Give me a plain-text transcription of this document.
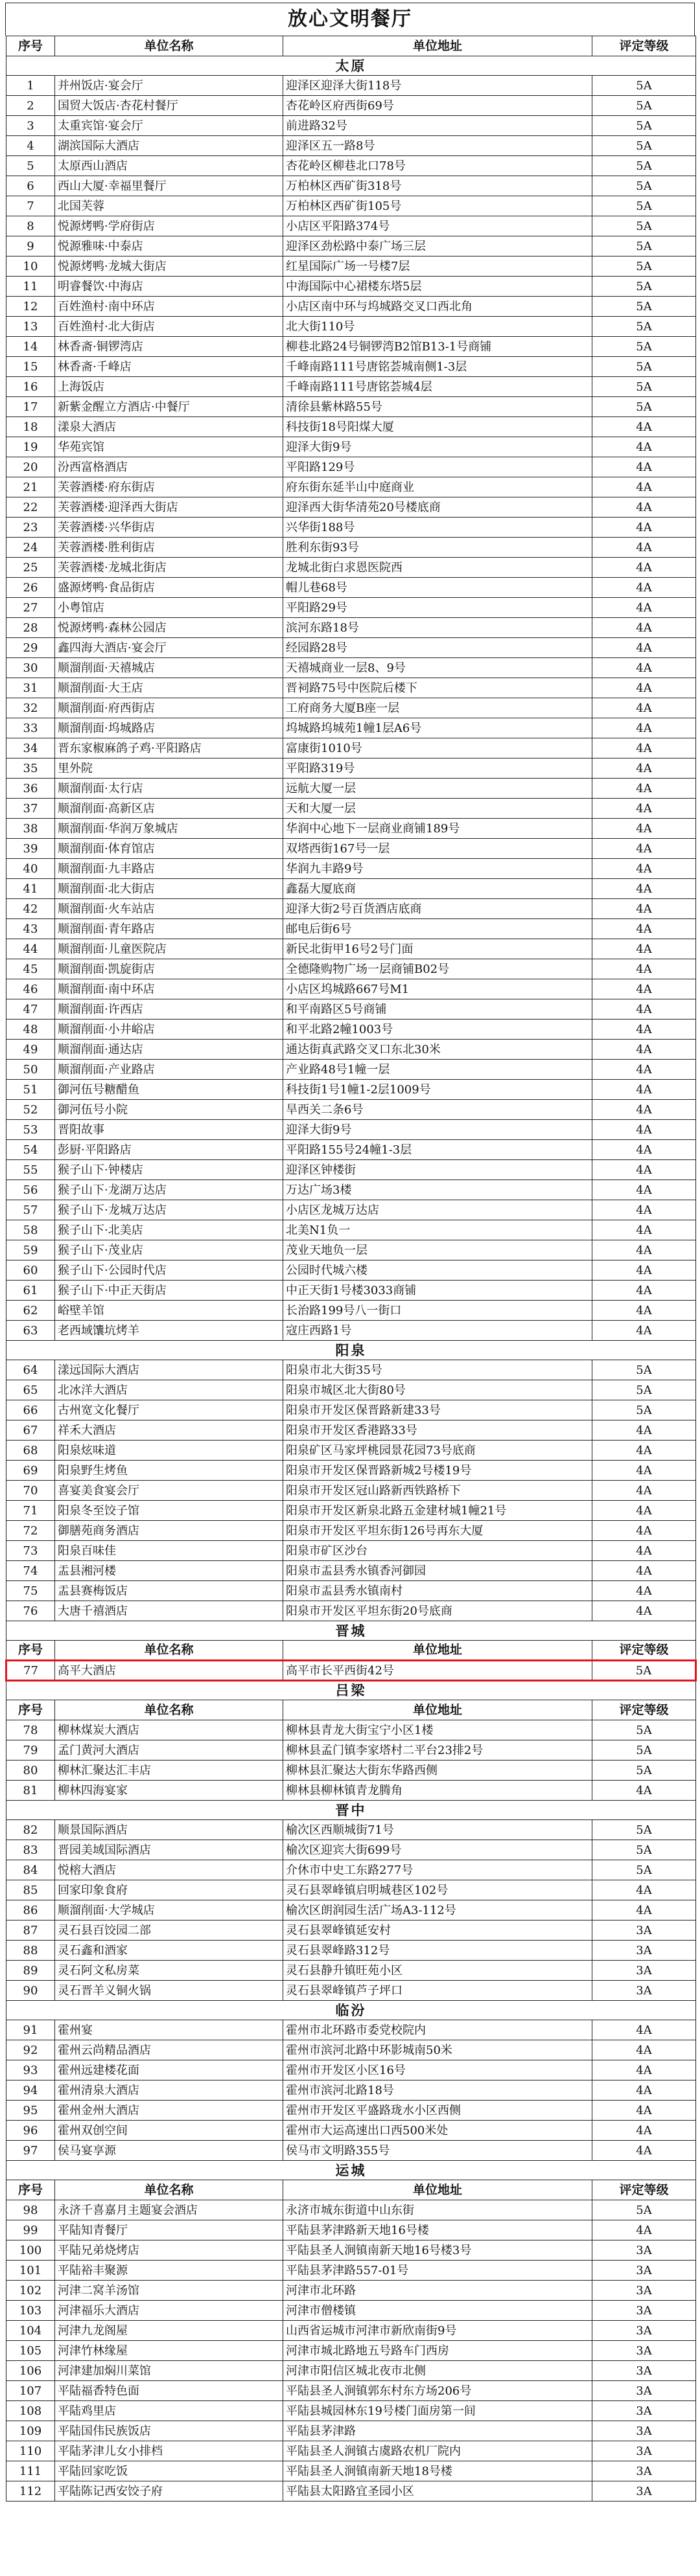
放心文明餐厅
序号	单位名称	单位地址	评定等级
太原			
1	并州饭店·宴会厅	迎泽区迎泽大街118号	5A
2	国贸大饭店·杏花村餐厅	杏花岭区府西街69号	5A
3	太重宾馆·宴会厅	前进路32号	5A
4	湖滨国际大酒店	迎泽区五一路8号	5A
5	太原西山酒店	杏花岭区柳巷北口78号	5A
6	西山大厦·幸福里餐厅	万柏林区西矿街318号	5A
7	北国芙蓉	万柏林区西矿街105号	5A
8	悦源烤鸭·学府街店	小店区平阳路374号	5A
9	悦源雅味·中泰店	迎泽区劲松路中泰广场三层	5A
10	悦源烤鸭·龙城大街店	红星国际广场一号楼7层	5A
11	明睿餐饮·中海店	中海国际中心裙楼东塔5层	5A
12	百姓渔村·南中环店	小店区南中环与坞城路交叉口西北角	5A
13	百姓渔村·北大街店	北大街110号	5A
14	林香斋·铜锣湾店	柳巷北路24号铜锣湾B2馆B13-1号商铺	5A
15	林香斋·千峰店	千峰南路111号唐铭荟城南侧1-3层	5A
16	上海饭店	千峰南路111号唐铭荟城4层	5A
17	新紫金醒立方酒店·中餐厅	清徐县紫林路55号	5A
18	漾泉大酒店	科技街18号阳煤大厦	4A
19	华苑宾馆	迎泽大街9号	4A
20	汾西富格酒店	平阳路129号	4A
21	芙蓉酒楼·府东街店	府东街东延半山中庭商业	4A
22	芙蓉酒楼·迎泽西大街店	迎泽西大街华清苑20号楼底商	4A
23	芙蓉酒楼·兴华街店	兴华街188号	4A
24	芙蓉酒楼·胜利街店	胜利东街93号	4A
25	芙蓉酒楼·龙城北街店	龙城北街白求恩医院西	4A
26	盛源烤鸭·食品街店	帽儿巷68号	4A
27	小粤馆店	平阳路29号	4A
28	悦源烤鸭·森林公园店	滨河东路18号	4A
29	鑫四海大酒店·宴会厅	经园路28号	4A
30	顺溜削面·天禧城店	天禧城商业一层8、9号	4A
31	顺溜削面·大王店	晋祠路75号中医院后楼下	4A
32	顺溜削面·府西街店	工府商务大厦B座一层	4A
33	顺溜削面·坞城路店	坞城路坞城苑1幢1层A6号	4A
34	晋东家椒麻鸽子鸡·平阳路店	富康街1010号	4A
35	里外院	平阳路319号	4A
36	顺溜削面·太行店	远航大厦一层	4A
37	顺溜削面·高新区店	天和大厦一层	4A
38	顺溜削面·华润万象城店	华润中心地下一层商业商铺189号	4A
39	顺溜削面·体育馆店	双塔西街167号一层	4A
40	顺溜削面·九丰路店	华润九丰路9号	4A
41	顺溜削面·北大街店	鑫磊大厦底商	4A
42	顺溜削面·火车站店	迎泽大街2号百货酒店底商	4A
43	顺溜削面·青年路店	邮电后街6号	4A
44	顺溜削面·儿童医院店	新民北街甲16号2号门面	4A
45	顺溜削面·凯旋街店	全德隆购物广场一层商铺B02号	4A
46	顺溜削面·南中环店	小店区坞城路667号M1	4A
47	顺溜削面·许西店	和平南路区5号商铺	4A
48	顺溜削面·小井峪店	和平北路2幢1003号	4A
49	顺溜削面·通达店	通达街真武路交叉口东北30米	4A
50	顺溜削面·产业路店	产业路48号1幢一层	4A
51	御河伍号糖醋鱼	科技街1号1幢1-2层1009号	4A
52	御河伍号小院	旱西关二条6号	4A
53	晋阳故事	迎泽大街9号	4A
54	彭厨·平阳路店	平阳路155号24幢1-3层	4A
55	猴子山下·钟楼店	迎泽区钟楼街	4A
56	猴子山下·龙湖万达店	万达广场3楼	4A
57	猴子山下·龙城万达店	小店区龙城万达店	4A
58	猴子山下·北美店	北美N1负一	4A
59	猴子山下·茂业店	茂业天地负一层	4A
60	猴子山下·公园时代店	公园时代城六楼	4A
61	猴子山下·中正天街店	中正天街1号楼3033商铺	4A
62	峪壁羊馆	长治路199号八一街口	4A
63	老西域馕坑烤羊	寇庄西路1号	4A
阳泉			
64	漾远国际大酒店	阳泉市北大街35号	5A
65	北冰洋大酒店	阳泉市城区北大街80号	5A
66	古州宽文化餐厅	阳泉市开发区保晋路新建33号	5A
67	祥禾大酒店	阳泉市开发区香港路33号	4A
68	阳泉炫味道	阳泉矿区马家坪桃园景花园73号底商	4A
69	阳泉野生烤鱼	阳泉市开发区保晋路新城2号楼19号	4A
70	喜宴美食宴会厅	阳泉市开发区冠山路新西铁路桥下	4A
71	阳泉冬至饺子馆	阳泉市开发区新泉北路五金建材城1幢21号	4A
72	御膳苑商务酒店	阳泉市开发区平坦东街126号再东大厦	4A
73	阳泉百味佳	阳泉市矿区沙台	4A
74	盂县湘河楼	阳泉市盂县秀水镇香河御园	4A
75	盂县赛梅饭店	阳泉市盂县秀水镇南村	4A
76	大唐千禧酒店	阳泉市开发区平坦东街20号底商	4A
晋城			
序号	单位名称	单位地址	评定等级
77	高平大酒店	高平市长平西街42号	5A
吕梁			
序号	单位名称	单位地址	评定等级
78	柳林煤炭大酒店	柳林县青龙大街宝宁小区1楼	5A
79	孟门黄河大酒店	柳林县孟门镇李家塔村二平台23排2号	5A
80	柳林汇聚达汇丰店	柳林县汇聚达大街东华路西侧	5A
81	柳林四海宴家	柳林县柳林镇青龙腾角	4A
晋中			
82	顺景国际酒店	榆次区西顺城街71号	5A
83	晋园美域国际酒店	榆次区迎宾大街699号	5A
84	悦榕大酒店	介休市中史工东路277号	5A
85	回家印象食府	灵石县翠峰镇启明城巷区102号	4A
86	顺溜削面·大学城店	榆次区朗润园生活广场A3-112号	4A
87	灵石县百饺园二部	灵石县翠峰镇延安村	3A
88	灵石鑫和酒家	灵石县翠峰路312号	3A
89	灵石阿文私房菜	灵石县静升镇旺苑小区	3A
90	灵石晋羊义铜火锅	灵石县翠峰镇芦子坪口	3A
临汾			
91	霍州宴	霍州市北环路市委党校院内	4A
92	霍州云尚精品酒店	霍州市滨河北路中环影城南50米	4A
93	霍州远建楼花面	霍州市开发区小区16号	4A
94	霍州清泉大酒店	霍州市滨河北路18号	4A
95	霍州金州大酒店	霍州市开发区平盛路珑水小区西侧	4A
96	霍州双创空间	霍州市大运高速出口西500米处	4A
97	侯马宴享源	侯马市文明路355号	4A
运城			
序号	单位名称	单位地址	评定等级
98	永济千喜嘉月主题宴会酒店	永济市城东街道中山东街	5A
99	平陆知青餐厅	平陆县茅津路新天地16号楼	4A
100	平陆兄弟烧烤店	平陆县圣人涧镇南新天地16号楼3号	3A
101	平陆裕丰聚源	平陆县茅津路557-01号	3A
102	河津二窝羊汤馆	河津市北环路	3A
103	河津福乐大酒店	河津市僧楼镇	3A
104	河津九龙阁屋	山西省运城市河津市新欣南街9号	3A
105	河津竹林缘屋	河津市城北路地五号路车门西房	3A
106	河津建加焖川菜馆	河津市阳信区城北夜市北侧	3A
107	平陆福香特色面	平陆县圣人涧镇郭东村东方场206号	3A
108	平陆鸡里店	平陆县城园林东19号楼门面房第一间	3A
109	平陆国伟民族饭店	平陆县茅津路	3A
110	平陆茅津儿女小排档	平陆县圣人涧镇古虞路农机厂院内	3A
111	平陆回家吃饭	平陆县圣人涧镇南新天地18号楼	3A
112	平陆陈记西安饺子府	平陆县太阳路宜圣园小区	3A
